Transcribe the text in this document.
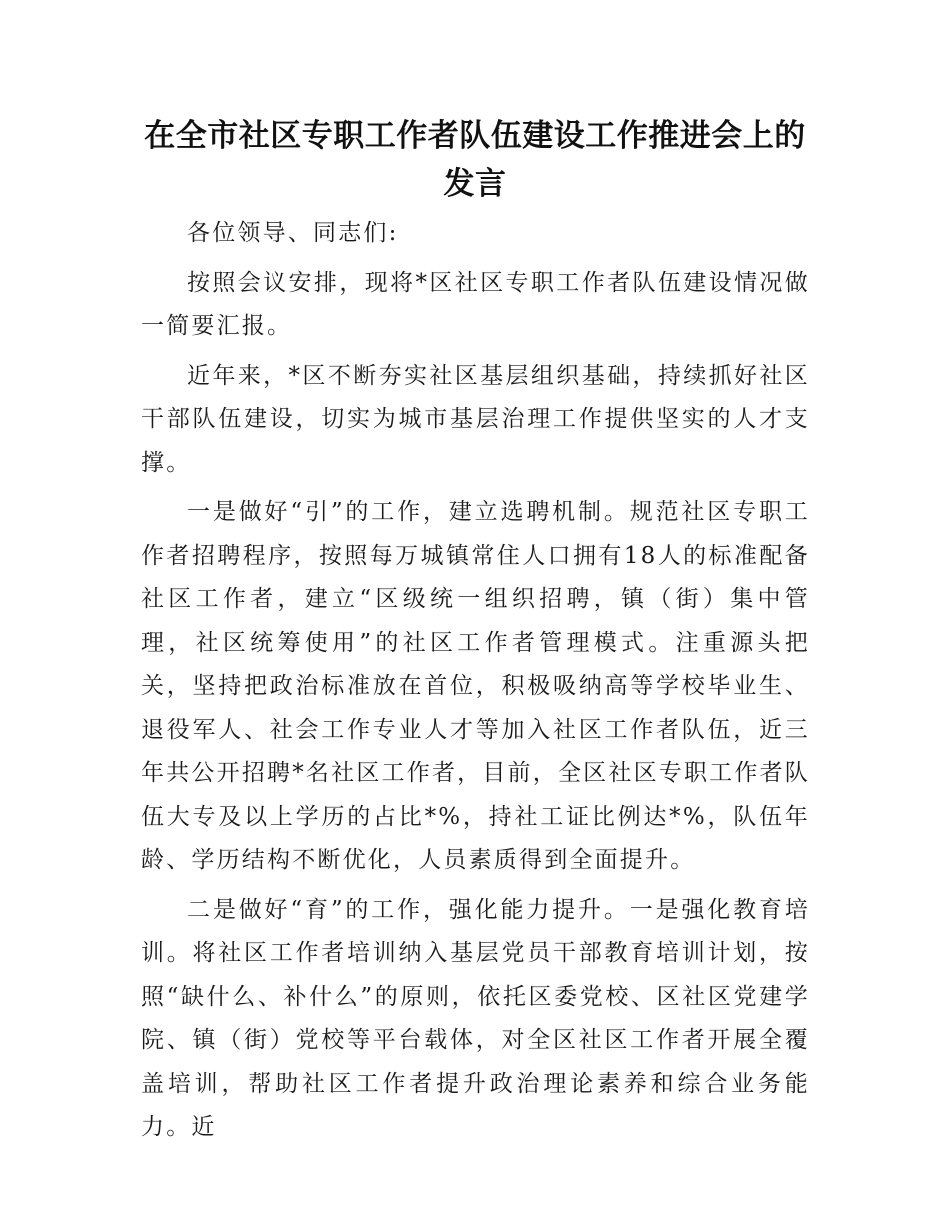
在全市社区专职工作者队伍建设工作推进会上的发言

各位领导、同志们:

按照会议安排，现将*区社区专职工作者队伍建设情况做一简要汇报。

近年来，*区不断夯实社区基层组织基础，持续抓好社区干部队伍建设，切实为城市基层治理工作提供坚实的人才支撑。

一是做好“引”的工作，建立选聘机制。规范社区专职工作者招聘程序，按照每万城镇常住人口拥有18人的标准配备社区工作者，建立“区级统一组织招聘，镇（街）集中管理，社区统筹使用”的社区工作者管理模式。注重源头把关，坚持把政治标准放在首位，积极吸纳高等学校毕业生、退役军人、社会工作专业人才等加入社区工作者队伍，近三年共公开招聘*名社区工作者，目前，全区社区专职工作者队伍大专及以上学历的占比*%，持社工证比例达*%，队伍年龄、学历结构不断优化，人员素质得到全面提升。

二是做好“育”的工作，强化能力提升。一是强化教育培训。将社区工作者培训纳入基层党员干部教育培训计划，按照“缺什么、补什么”的原则，依托区委党校、区社区党建学院、镇（街）党校等平台载体，对全区社区工作者开展全覆盖培训，帮助社区工作者提升政治理论素养和综合业务能力。近
